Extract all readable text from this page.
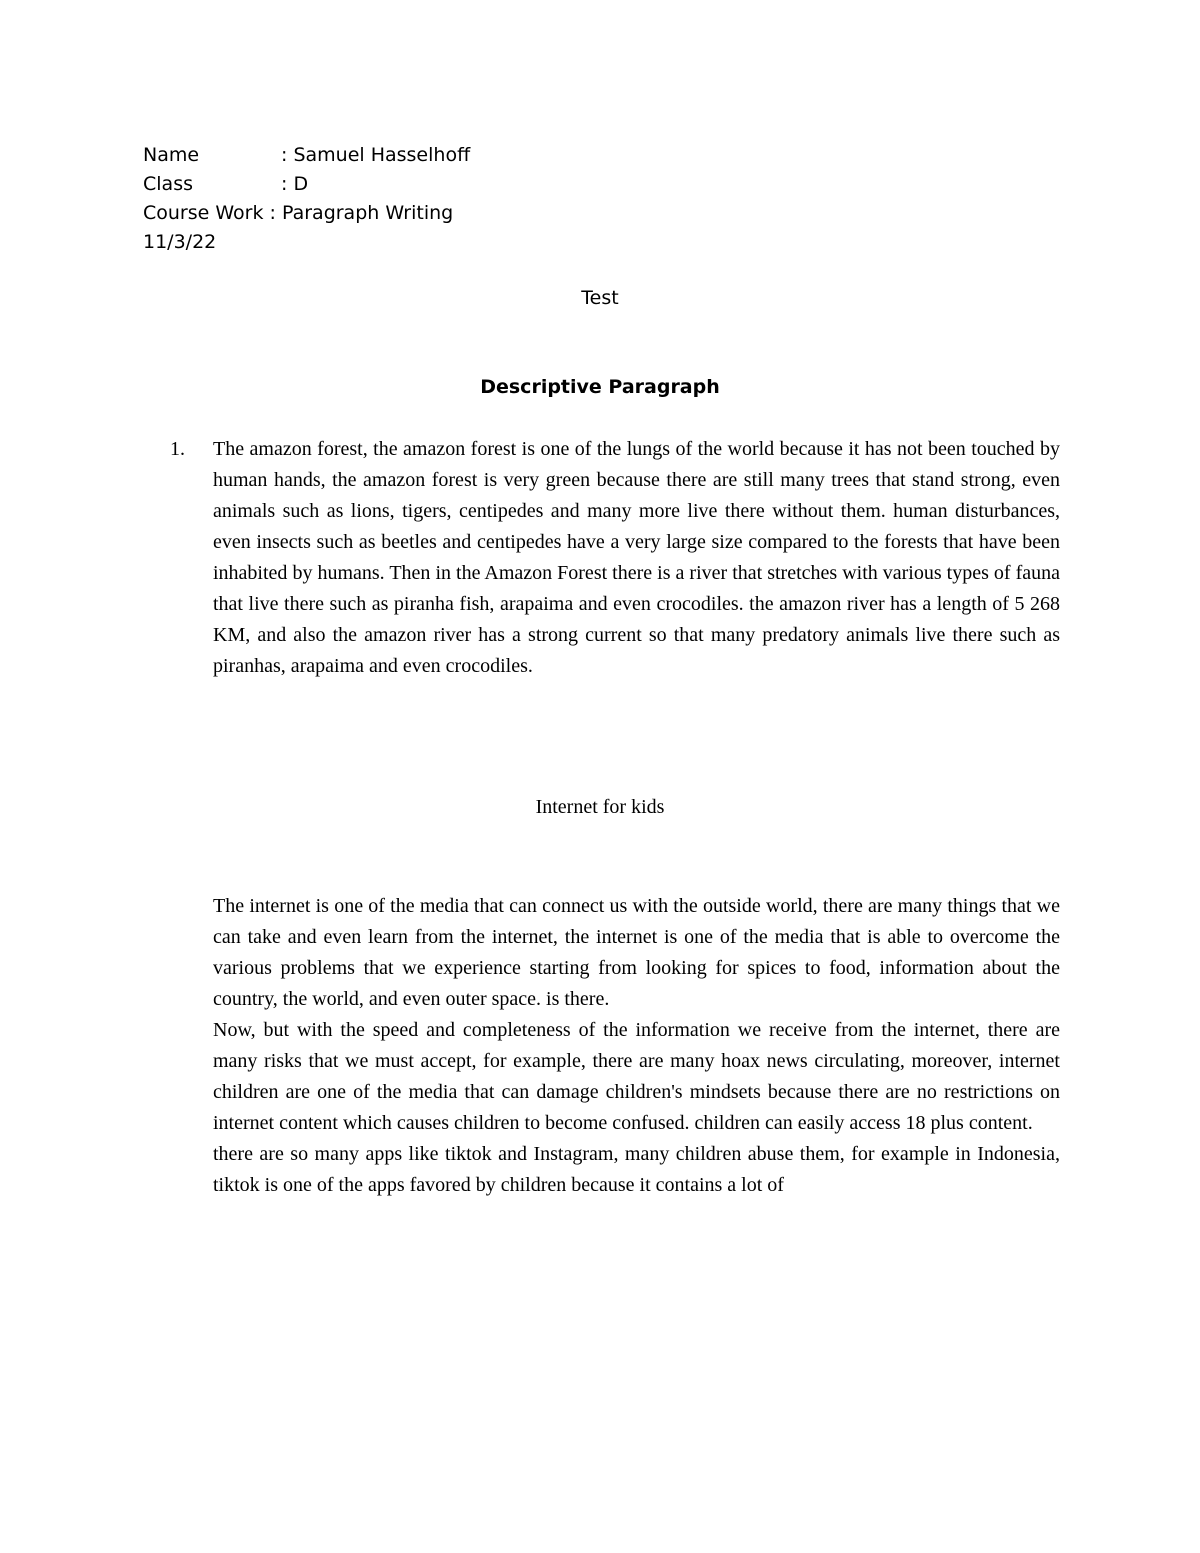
Name	: Samuel Hasselhoff
Class	: D
Course Work : Paragraph Writing
11/3/22
Test
Descriptive Paragraph
1. The amazon forest, the amazon forest is one of the lungs of the world because it has not been touched by human hands, the amazon forest is very green because there are still many trees that stand strong, even animals such as lions, tigers, centipedes and many more live there without them. human disturbances, even insects such as beetles and centipedes have a very large size compared to the forests that have been inhabited by humans. Then in the Amazon Forest there is a river that stretches with various types of fauna that live there such as piranha fish, arapaima and even crocodiles. the amazon river has a length of 5 268 KM, and also the amazon river has a strong current so that many predatory animals live there such as piranhas, arapaima and even crocodiles.
Internet for kids

The internet is one of the media that can connect us with the outside world, there are many things that we can take and even learn from the internet, the internet is one of the media that is able to overcome the various problems that we experience starting from looking for spices to food, information about the country, the world, and even outer space. is there.

Now, but with the speed and completeness of the information we receive from the internet, there are many risks that we must accept, for example, there are many hoax news circulating, moreover, internet children are one of the media that can damage children's mindsets because there are no restrictions on internet content which causes children to become confused. children can easily access 18 plus content.

there are so many apps like tiktok and Instagram, many children abuse them, for example in Indonesia, tiktok is one of the apps favored by children because it contains a lot of
